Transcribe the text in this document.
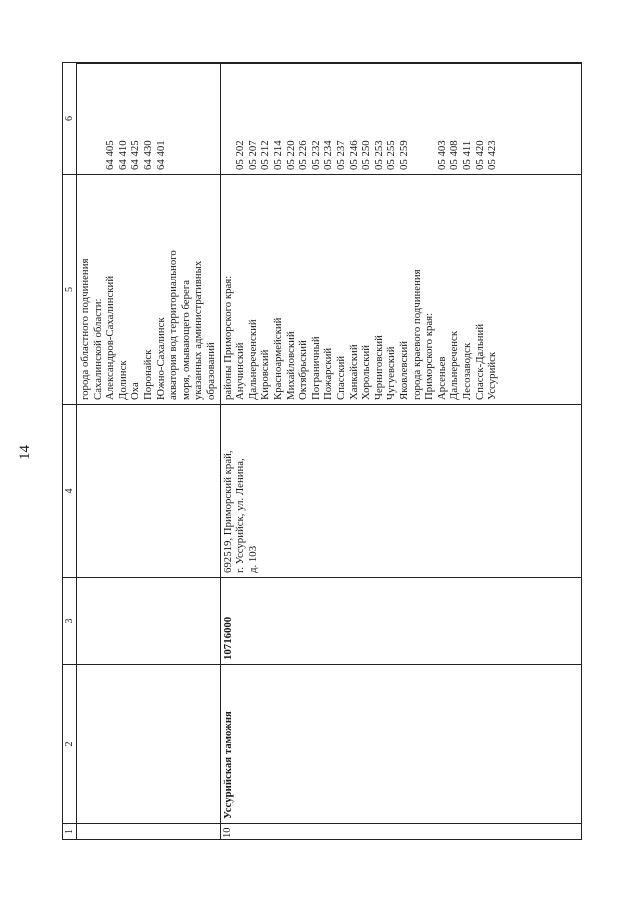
14
1
2
3
4
5
6
10
Уссурийская таможня
10716000
692519, Приморский край, г. Уссурийск, ул. Ленина, д. 103
города областного подчинения Сахалинской области: Александров-Сахалинский Долинск Оха Поронайск Южно-Сахалинск акватория вод территориального моря, омывающего берега указанных административных образований районы Приморского края: Анучинский Дальнереченский Кировский Красноармейский Михайловский Октябрьский Пограничный Пожарский Спасский Ханкайский Хорольский Черниговский Чугуевский Яковлевский города краевого подчинения Приморского края: Арсеньев Дальнереченск Лесозаводск Спасск-Дальний Уссурийск
64 405 64 410 64 425 64 430 64 401	05 202 05 207 05 212 05 214 05 220 05 226 05 232 05 234 05 237 05 246 05 250 05 253 05 255 05 259 05 403 05 408 05 411 05 420 05 423
